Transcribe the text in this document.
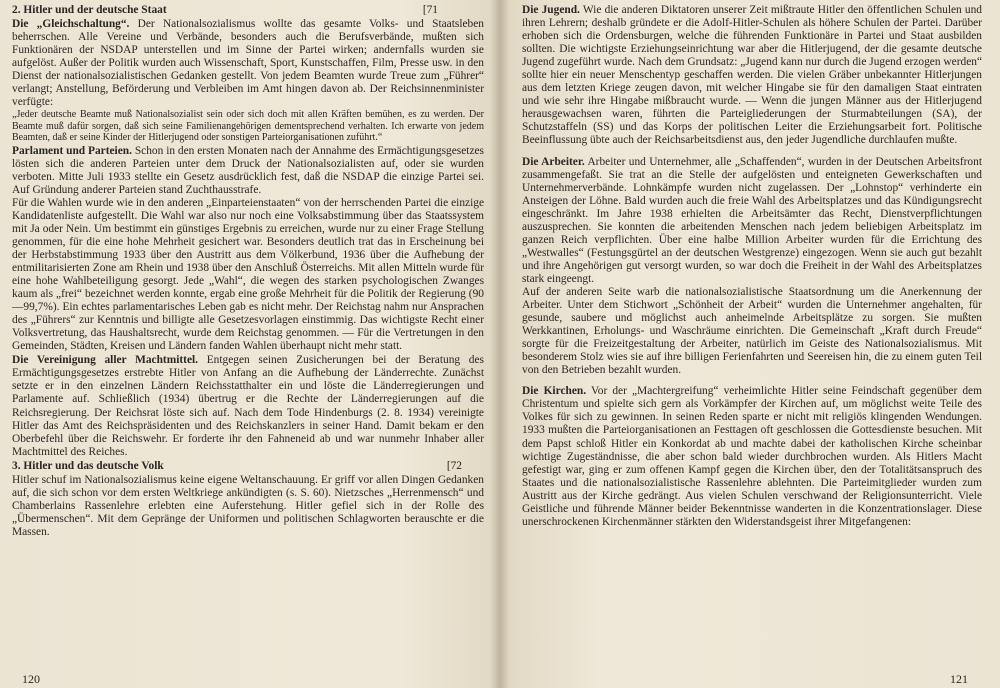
2. Hitler und der deutsche Staat	[71

Die „Gleichschaltung“. Der Nationalsozialismus wollte das gesamte Volks- und Staatsleben beherrschen. Alle Vereine und Verbände, besonders auch die Berufsverbände, mußten sich Funktionären der NSDAP unterstellen und im Sinne der Partei wirken; andernfalls wurden sie aufgelöst. Außer der Politik wurden auch Wissenschaft, Sport, Kunstschaffen, Film, Presse usw. in den Dienst der nationalsozialistischen Gedanken gestellt. Von jedem Beamten wurde Treue zum „Führer“ verlangt; Anstellung, Beförderung und Verbleiben im Amt hingen davon ab. Der Reichsinnenminister verfügte:

„Jeder deutsche Beamte muß Nationalsozialist sein oder sich doch mit allen Kräften bemühen, es zu werden. Der Beamte muß dafür sorgen, daß sich seine Familienangehörigen dementsprechend verhalten. Ich erwarte von jedem Beamten, daß er seine Kinder der Hitlerjugend oder sonstigen Parteiorganisationen zuführt.“

Parlament und Parteien. Schon in den ersten Monaten nach der Annahme des Ermächtigungsgesetzes lösten sich die anderen Parteien unter dem Druck der Nationalsozialisten auf, oder sie wurden verboten. Mitte Juli 1933 stellte ein Gesetz ausdrücklich fest, daß die NSDAP die einzige Partei sei. Auf Gründung anderer Parteien stand Zuchthausstrafe.

Für die Wahlen wurde wie in den anderen „Einparteienstaaten“ von der herrschenden Partei die einzige Kandidatenliste aufgestellt. Die Wahl war also nur noch eine Volksabstimmung über das Staatssystem mit Ja oder Nein. Um bestimmt ein günstiges Ergebnis zu erreichen, wurde nur zu einer Frage Stellung genommen, für die eine hohe Mehrheit gesichert war. Besonders deutlich trat das in Erscheinung bei der Herbstabstimmung 1933 über den Austritt aus dem Völkerbund, 1936 über die Aufhebung der entmilitarisierten Zone am Rhein und 1938 über den Anschluß Österreichs. Mit allen Mitteln wurde für eine hohe Wahlbeteiligung gesorgt. Jede „Wahl“, die wegen des starken psychologischen Zwanges kaum als „frei“ bezeichnet werden konnte, ergab eine große Mehrheit für die Politik der Regierung (90—99,7%). Ein echtes parlamentarisches Leben gab es nicht mehr. Der Reichstag nahm nur Ansprachen des „Führers“ zur Kenntnis und billigte alle Gesetzesvorlagen einstimmig. Das wichtigste Recht einer Volksvertretung, das Haushaltsrecht, wurde dem Reichstag genommen. — Für die Vertretungen in den Gemeinden, Städten, Kreisen und Ländern fanden Wahlen überhaupt nicht mehr statt.

Die Vereinigung aller Machtmittel. Entgegen seinen Zusicherungen bei der Beratung des Ermächtigungsgesetzes erstrebte Hitler von Anfang an die Aufhebung der Länderrechte. Zunächst setzte er in den einzelnen Ländern Reichsstatthalter ein und löste die Länderregierungen und Parlamente auf. Schließlich (1934) übertrug er die Rechte der Länderregierungen auf die Reichsregierung. Der Reichsrat löste sich auf. Nach dem Tode Hindenburgs (2. 8. 1934) vereinigte Hitler das Amt des Reichspräsidenten und des Reichskanzlers in seiner Hand. Damit bekam er den Oberbefehl über die Reichswehr. Er forderte ihr den Fahneneid ab und war nunmehr Inhaber aller Machtmittel des Reiches.

3. Hitler und das deutsche Volk	[72

Hitler schuf im Nationalsozialismus keine eigene Weltanschauung. Er griff vor allen Dingen Gedanken auf, die sich schon vor dem ersten Weltkriege ankündigten (s. S. 60). Nietzsches „Herrenmensch“ und Chamberlains Rassenlehre erlebten eine Auferstehung. Hitler gefiel sich in der Rolle des „Übermenschen“. Mit dem Gepränge der Uniformen und politischen Schlagworten berauschte er die Massen.

120

Die Jugend. Wie die anderen Diktatoren unserer Zeit mißtraute Hitler den öffentlichen Schulen und ihren Lehrern; deshalb gründete er die Adolf-Hitler-Schulen als höhere Schulen der Partei. Darüber erhoben sich die Ordensburgen, welche die führenden Funktionäre in Partei und Staat ausbilden sollten. Die wichtigste Erziehungseinrichtung war aber die Hitlerjugend, der die gesamte deutsche Jugend zugeführt wurde. Nach dem Grundsatz: „Jugend kann nur durch die Jugend erzogen werden“ sollte hier ein neuer Menschentyp geschaffen werden. Die vielen Gräber unbekannter Hitlerjungen aus dem letzten Kriege zeugen davon, mit welcher Hingabe sie für den damaligen Staat eintraten und wie sehr ihre Hingabe mißbraucht wurde. — Wenn die jungen Männer aus der Hitlerjugend herausgewachsen waren, führten die Parteigliederungen der Sturmabteilungen (SA), der Schutzstaffeln (SS) und das Korps der politischen Leiter die Erziehungsarbeit fort. Politische Beeinflussung übte auch der Reichsarbeitsdienst aus, den jeder Jugendliche durchlaufen mußte.

Die Arbeiter. Arbeiter und Unternehmer, alle „Schaffenden“, wurden in der Deutschen Arbeitsfront zusammengefaßt. Sie trat an die Stelle der aufgelösten und enteigneten Gewerkschaften und Unternehmerverbände. Lohnkämpfe wurden nicht zugelassen. Der „Lohnstop“ verhinderte ein Ansteigen der Löhne. Bald wurden auch die freie Wahl des Arbeitsplatzes und das Kündigungsrecht eingeschränkt. Im Jahre 1938 erhielten die Arbeitsämter das Recht, Dienstverpflichtungen auszusprechen. Sie konnten die arbeitenden Menschen nach jedem beliebigen Arbeitsplatz im ganzen Reich verpflichten. Über eine halbe Million Arbeiter wurden für die Errichtung des „Westwalles“ (Festungsgürtel an der deutschen Westgrenze) eingezogen. Wenn sie auch gut bezahlt und ihre Angehörigen gut versorgt wurden, so war doch die Freiheit in der Wahl des Arbeitsplatzes stark eingeengt.

Auf der anderen Seite warb die nationalsozialistische Staatsordnung um die Anerkennung der Arbeiter. Unter dem Stichwort „Schönheit der Arbeit“ wurden die Unternehmer angehalten, für gesunde, saubere und möglichst auch anheimelnde Arbeitsplätze zu sorgen. Sie mußten Werkkantinen, Erholungs- und Waschräume einrichten. Die Gemeinschaft „Kraft durch Freude“ sorgte für die Freizeitgestaltung der Arbeiter, natürlich im Geiste des Nationalsozialismus. Mit besonderem Stolz wies sie auf ihre billigen Ferienfahrten und Seereisen hin, die zu einem guten Teil von den Betrieben bezahlt wurden.

Die Kirchen. Vor der „Machtergreifung“ verheimlichte Hitler seine Feindschaft gegenüber dem Christentum und spielte sich gern als Vorkämpfer der Kirchen auf, um möglichst weite Teile des Volkes für sich zu gewinnen. In seinen Reden sparte er nicht mit religiös klingenden Wendungen. 1933 mußten die Parteiorganisationen an Festtagen oft geschlossen die Gottesdienste besuchen. Mit dem Papst schloß Hitler ein Konkordat ab und machte dabei der katholischen Kirche scheinbar wichtige Zugeständnisse, die aber schon bald wieder durchbrochen wurden. Als Hitlers Macht gefestigt war, ging er zum offenen Kampf gegen die Kirchen über, den der Totalitätsanspruch des Staates und die nationalsozialistische Rassenlehre ablehnten. Die Parteimitglieder wurden zum Austritt aus der Kirche gedrängt. Aus vielen Schulen verschwand der Religionsunterricht. Viele Geistliche und führende Männer beider Bekenntnisse wanderten in die Konzentrationslager. Diese unerschrockenen Kirchenmänner stärkten den Widerstandsgeist ihrer Mitgefangenen:

121
